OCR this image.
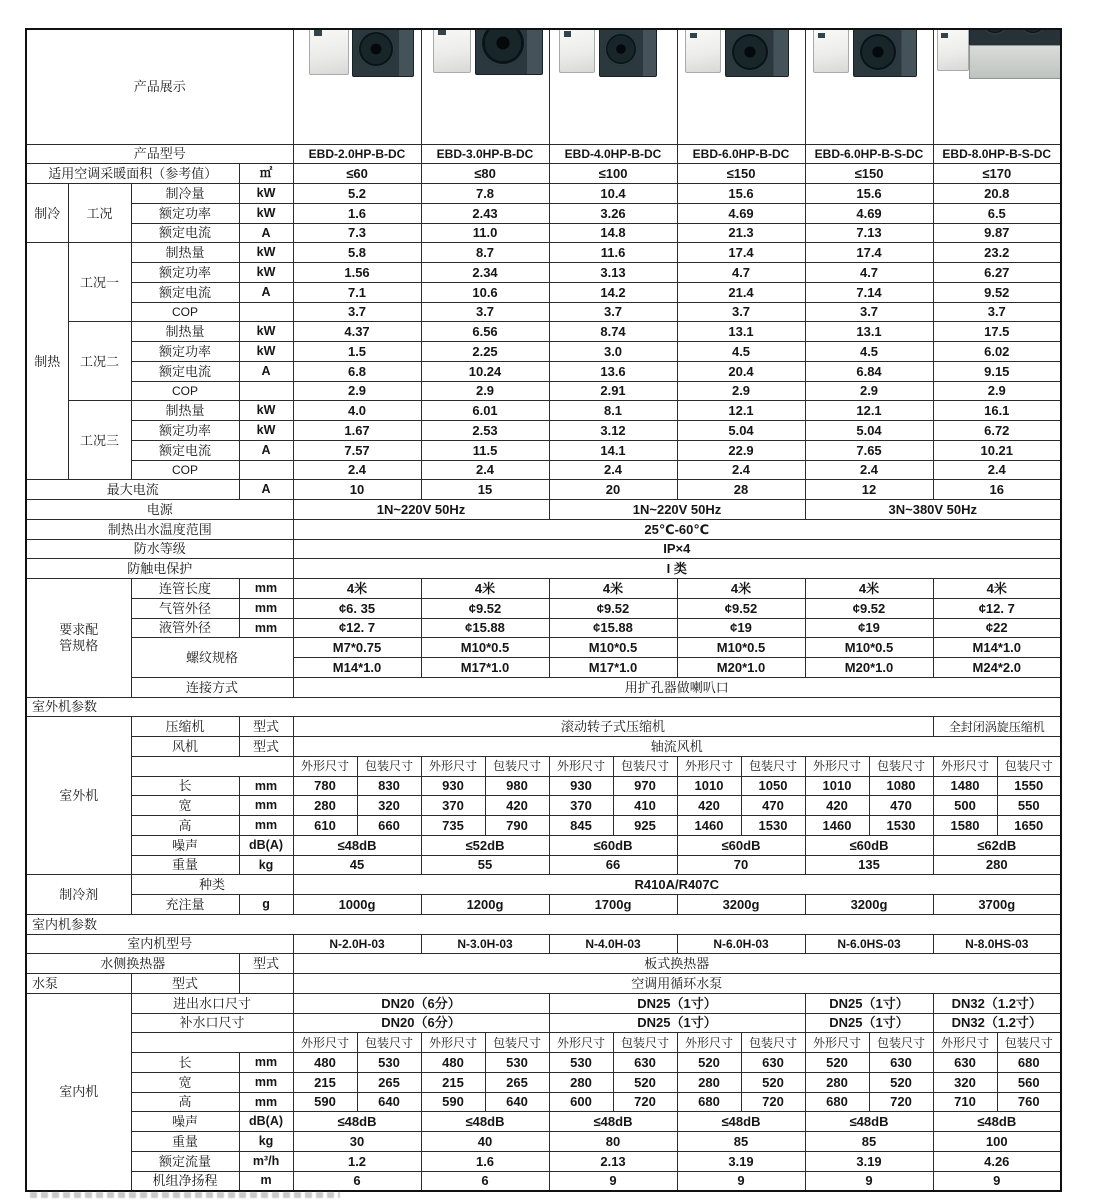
产品展示										

产品型号				EBD-2.0HP-B-DC		EBD-3.0HP-B-DC		EBD-4.0HP-B-DC		EBD-6.0HP-B-DC		EBD-6.0HP-B-S-DC		EBD-8.0HP-B-S-DC	
适用空调采暖面积（参考值）			㎡	≤60		≤80		≤100		≤150		≤150		≤170	
制冷	工况	制冷量	kW	5.2		7.8		10.4		15.6		15.6		20.8	
		额定功率	kW	1.6		2.43		3.26		4.69		4.69		6.5	
		额定电流	A	7.3		11.0		14.8		21.3		7.13		9.87	
制热	工况一	制热量	kW	5.8		8.7		11.6		17.4		17.4		23.2	
		额定功率	kW	1.56		2.34		3.13		4.7		4.7		6.27	
		额定电流	A	7.1		10.6		14.2		21.4		7.14		9.52	
		COP		3.7		3.7		3.7		3.7		3.7		3.7	
	工况二	制热量	kW	4.37		6.56		8.74		13.1		13.1		17.5	
		额定功率	kW	1.5		2.25		3.0		4.5		4.5		6.02	
		额定电流	A	6.8		10.24		13.6		20.4		6.84		9.15	
		COP		2.9		2.9		2.91		2.9		2.9		2.9	
	工况三	制热量	kW	4.0		6.01		8.1		12.1		12.1		16.1	
		额定功率	kW	1.67		2.53		3.12		5.04		5.04		6.72	
		额定电流	A	7.57		11.5		14.1		22.9		7.65		10.21	
		COP		2.4		2.4		2.4		2.4		2.4		2.4	
最大电流			A	10		15		20		28		12		16	
电源				1N~220V 50Hz				1N~220V 50Hz				3N~380V 50Hz			
制热出水温度范围				25℃-60℃											
防水等级				IP×4											
防触电保护				I 类											
要求配管规格		连管长度	mm	4米		4米		4米		4米		4米		4米	
		气管外径	mm	¢6. 35		¢9.52		¢9.52		¢9.52		¢9.52		¢12. 7	
		液管外径	mm	¢12. 7		¢15.88		¢15.88		¢19		¢19		¢22	
		螺纹规格		M7*0.75		M10*0.5		M10*0.5		M10*0.5		M10*0.5		M14*1.0	
				M14*1.0		M17*1.0		M17*1.0		M20*1.0		M20*1.0		M24*2.0	
		连接方式		用扩孔器做喇叭口											
室外机参数															
室外机		压缩机	型式	滚动转子式压缩机										全封闭涡旋压缩机	
		风机	型式	轴流风机											
				外形尺寸	包装尺寸	外形尺寸	包装尺寸	外形尺寸	包装尺寸	外形尺寸	包装尺寸	外形尺寸	包装尺寸	外形尺寸	包装尺寸
		长	mm	780	830	930	980	930	970	1010	1050	1010	1080	1480	1550
		宽	mm	280	320	370	420	370	410	420	470	420	470	500	550
		高	mm	610	660	735	790	845	925	1460	1530	1460	1530	1580	1650
		噪声	dB(A)	≤48dB		≤52dB		≤60dB		≤60dB		≤60dB		≤62dB	
		重量	kg	45		55		66		70		135		280	
制冷剂		种类		R410A/R407C											
		充注量	g	1000g		1200g		1700g		3200g		3200g		3700g	
室内机参数															
室内机型号				N-2.0H-03		N-3.0H-03		N-4.0H-03		N-6.0H-03		N-6.0HS-03		N-8.0HS-03	
水侧换热器			型式	板式换热器											
水泵		型式		空调用循环水泵											
室内机		进出水口尺寸		DN20（6分）				DN25（1寸）				DN25（1寸）		DN32（1.2寸）	
		补水口尺寸		DN20（6分）				DN25（1寸）				DN25（1寸）		DN32（1.2寸）	
				外形尺寸	包装尺寸	外形尺寸	包装尺寸	外形尺寸	包装尺寸	外形尺寸	包装尺寸	外形尺寸	包装尺寸	外形尺寸	包装尺寸
		长	mm	480	530	480	530	530	630	520	630	520	630	630	680
		宽	mm	215	265	215	265	280	520	280	520	280	520	320	560
		高	mm	590	640	590	640	600	720	680	720	680	720	710	760
		噪声	dB(A)	≤48dB		≤48dB		≤48dB		≤48dB		≤48dB		≤48dB	
		重量	kg	30		40		80		85		85		100	
		额定流量	m³/h	1.2		1.6		2.13		3.19		3.19		4.26	
		机组净扬程	m	6		6		9		9		9		9	
